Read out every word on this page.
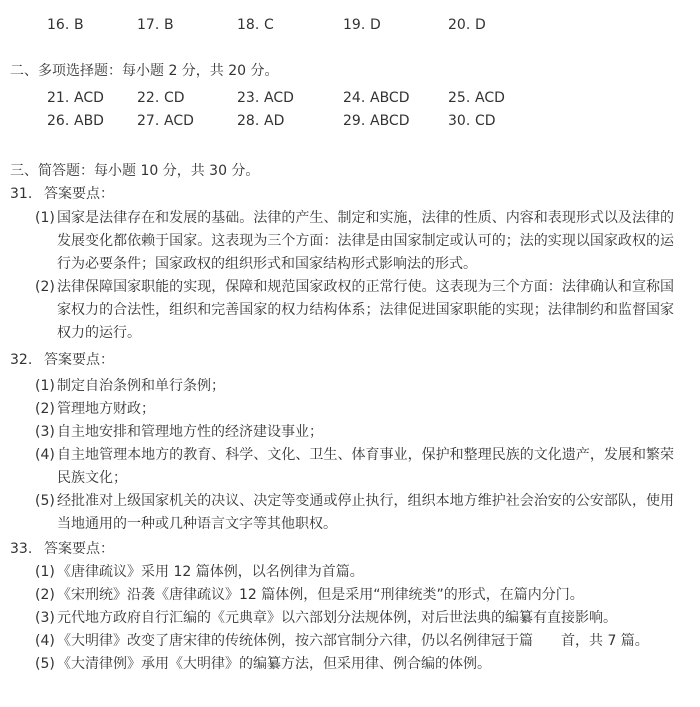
16. B	17. B	18. C	19. D	20. D
二、多项选择题：每小题 2 分，共 20 分。
21. ACD 22. CD	23. ACD	24. ABCD	25. ACD
26. ABD 27. ACD	28. AD	29. ABCD	30. CD
三、简答题：每小题 10 分，共 30 分。
31. 答案要点：
(1) 国家是法律存在和发展的基础。法律的产生、制定和实施，法律的性质、内容和表现形式以及法律的发展变化都依赖于国家。这表现为三个方面：法律是由国家制定或认可的；法的实现以国家政权的运行为必要条件；国家政权的组织形式和国家结构形式影响法的形式。
(2) 法律保障国家职能的实现，保障和规范国家政权的正常行使。这表现为三个方面：法律确认和宣称国家权力的合法性，组织和完善国家的权力结构体系；法律促进国家职能的实现；法律制约和监督国家权力的运行。
32. 答案要点：
(1) 制定自治条例和单行条例；
(2) 管理地方财政；
(3) 自主地安排和管理地方性的经济建设事业；
(4) 自主地管理本地方的教育、科学、文化、卫生、体育事业，保护和整理民族的文化遗产，发展和繁荣民族文化；
(5) 经批准对上级国家机关的决议、决定等变通或停止执行，组织本地方维护社会治安的公安部队，使用当地通用的一种或几种语言文字等其他职权。
33. 答案要点：
(1) 《唐律疏议》采用 12 篇体例，以名例律为首篇。
(2) 《宋刑统》沿袭《唐律疏议》12 篇体例，但是采用“刑律统类”的形式，在篇内分门。
(3) 元代地方政府自行汇编的《元典章》以六部划分法规体例，对后世法典的编纂有直接影响。
(4) 《大明律》改变了唐宋律的传统体例，按六部官制分六律，仍以名例律冠于篇　　首，共 7 篇。
(5) 《大清律例》承用《大明律》的编纂方法，但采用律、例合编的体例。
